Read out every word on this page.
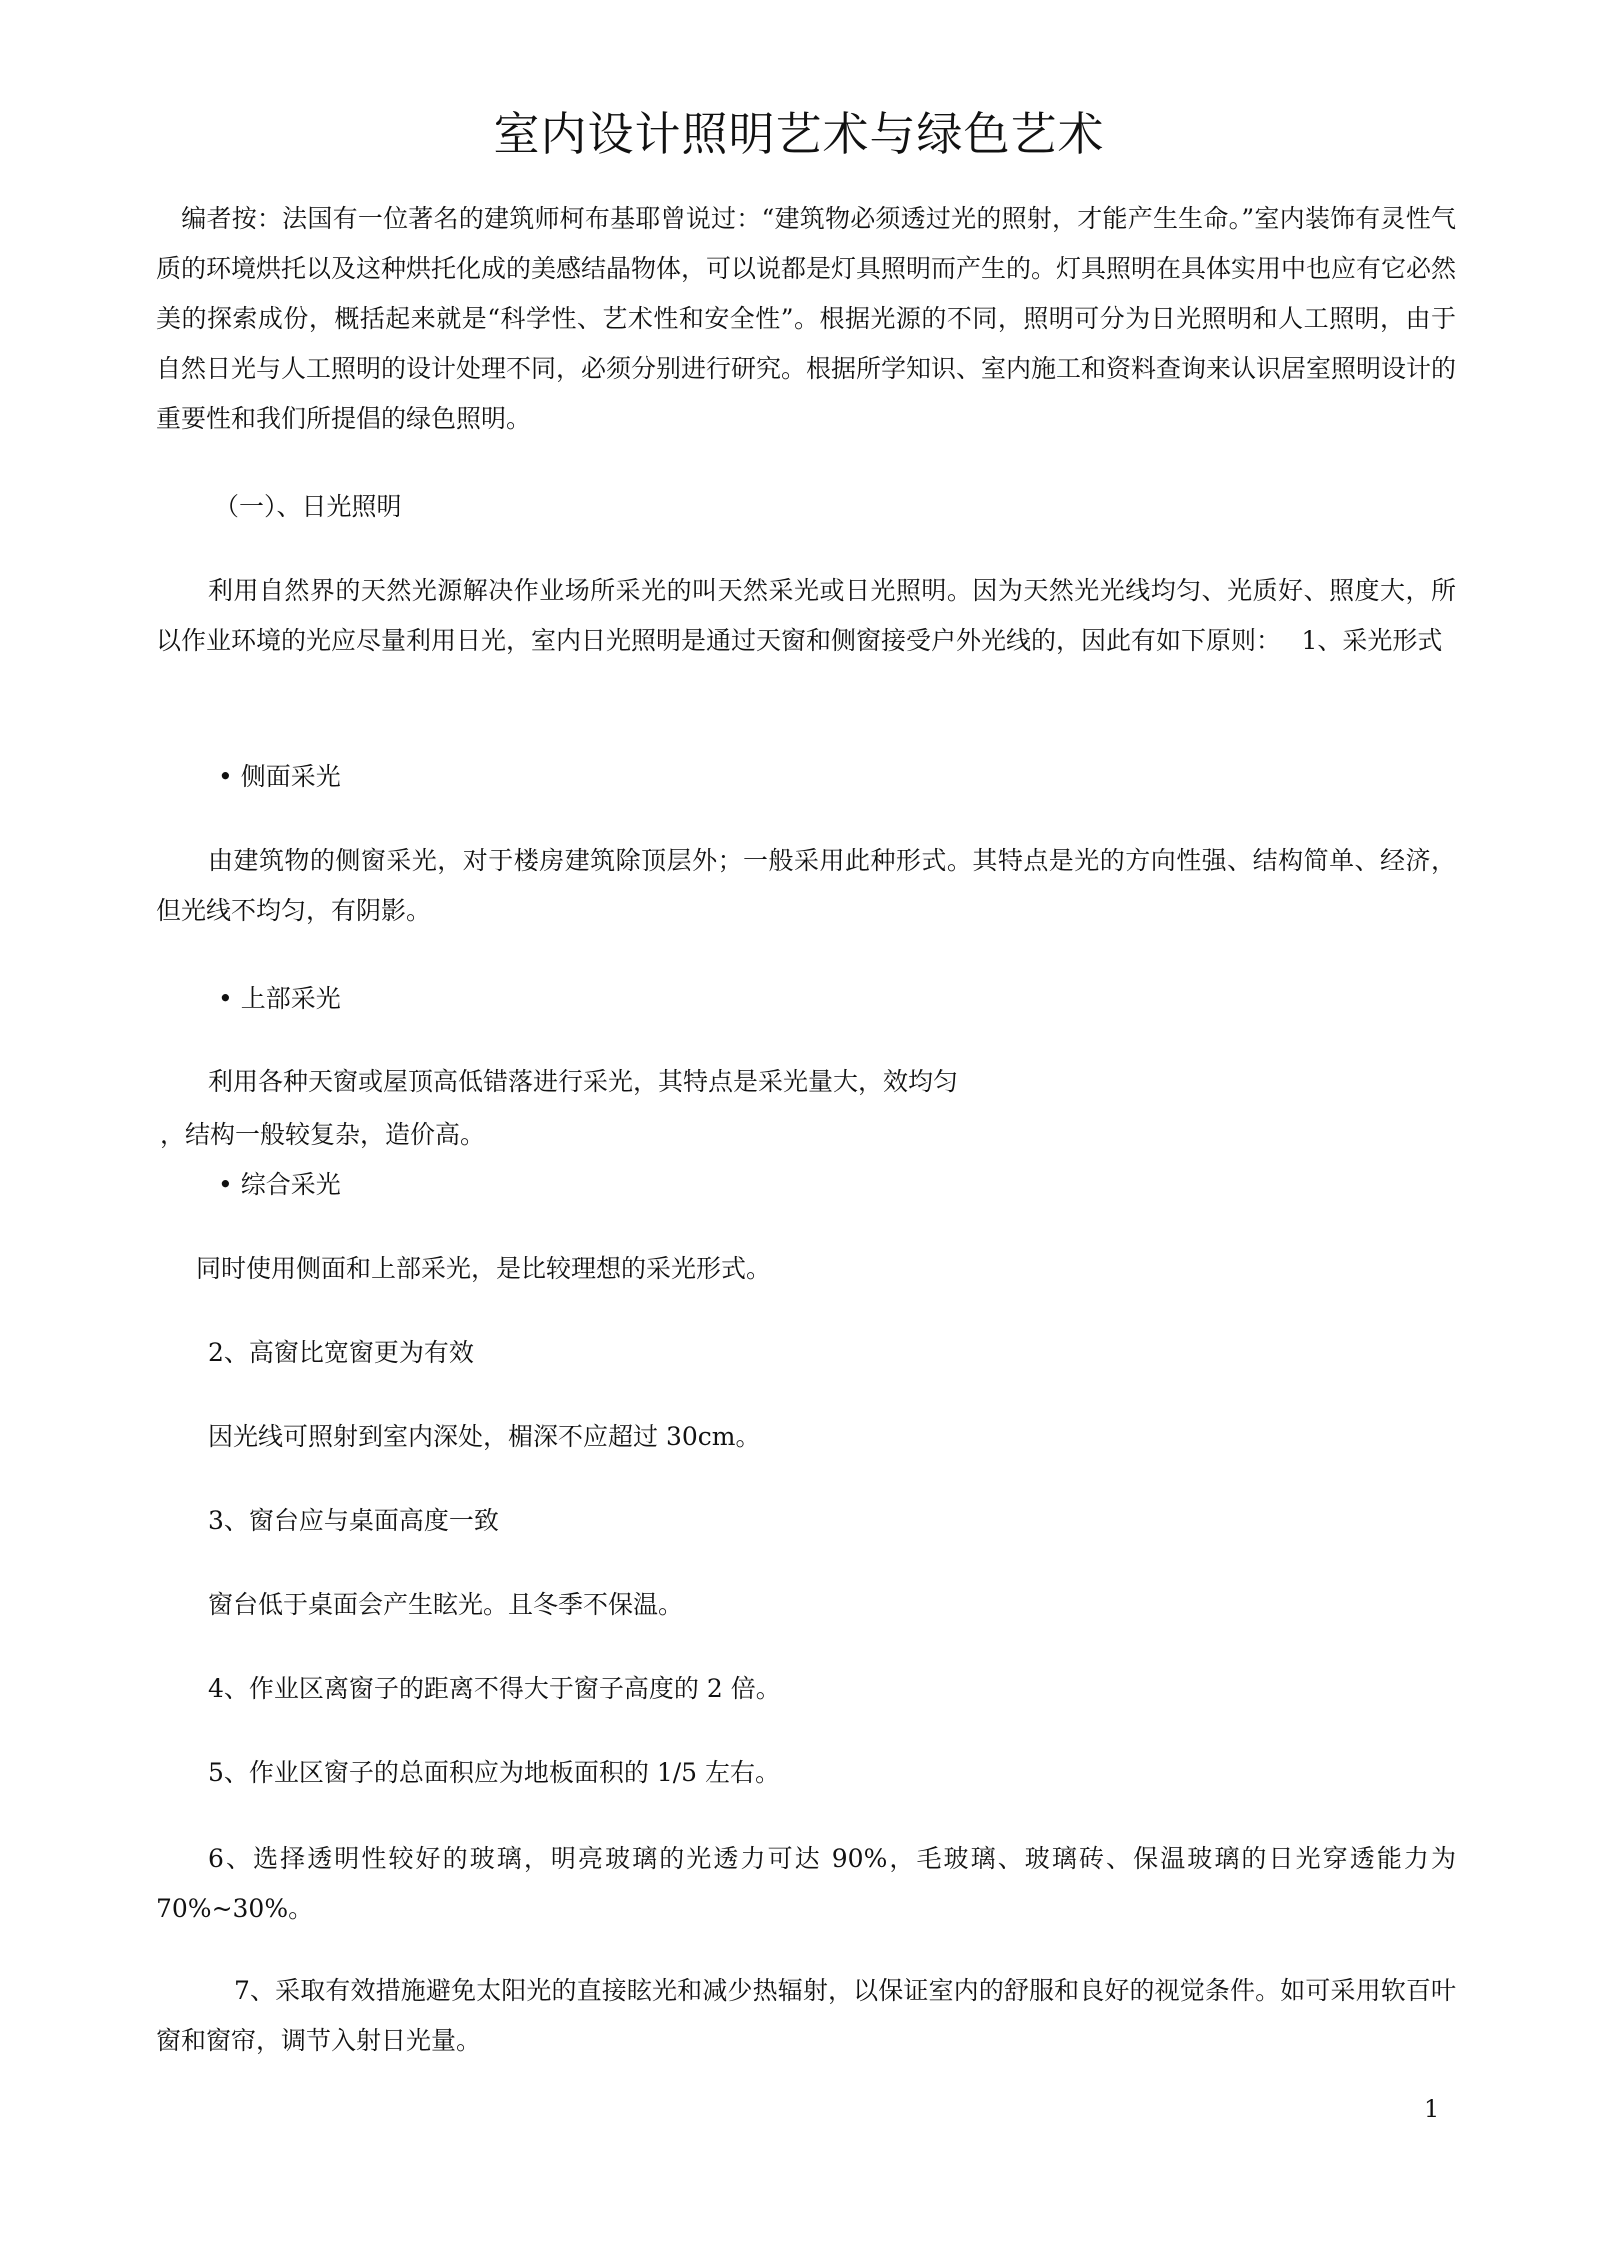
室内设计照明艺术与绿色艺术

　编者按：法国有一位著名的建筑师柯布基耶曾说过：“建筑物必须透过光的照射，才能产生生命。”室内装饰有灵性气质的环境烘托以及这种烘托化成的美感结晶物体，可以说都是灯具照明而产生的。灯具照明在具体实用中也应有它必然美的探索成份，概括起来就是“科学性、艺术性和安全性”。根据光源的不同，照明可分为日光照明和人工照明，由于自然日光与人工照明的设计处理不同，必须分别进行研究。根据所学知识、室内施工和资料查询来认识居室照明设计的重要性和我们所提倡的绿色照明。

（一）、日光照明

利用自然界的天然光源解决作业场所采光的叫天然采光或日光照明。因为天然光光线均匀、光质好、照度大，所以作业环境的光应尽量利用日光，室内日光照明是通过天窗和侧窗接受户外光线的，因此有如下原则：　 1、采光形式

• 侧面采光

由建筑物的侧窗采光，对于楼房建筑除顶层外；一般采用此种形式。其特点是光的方向性强、结构简单、经济，但光线不均匀，有阴影。

• 上部采光

利用各种天窗或屋顶高低错落进行采光，其特点是采光量大，效均匀

，结构一般较复杂，造价高。

• 综合采光

同时使用侧面和上部采光，是比较理想的采光形式。

2、高窗比宽窗更为有效

因光线可照射到室内深处，楣深不应超过 30cm。

3、窗台应与桌面高度一致

窗台低于桌面会产生眩光。且冬季不保温。

4、作业区离窗子的距离不得大于窗子高度的 2 倍。

5、作业区窗子的总面积应为地板面积的 1/5 左右。

6、选择透明性较好的玻璃，明亮玻璃的光透力可达 90%，毛玻璃、玻璃砖、保温玻璃的日光穿透能力为 70%~30%。

7、采取有效措施避免太阳光的直接眩光和减少热辐射，以保证室内的舒服和良好的视觉条件。如可采用软百叶窗和窗帘，调节入射日光量。

1
